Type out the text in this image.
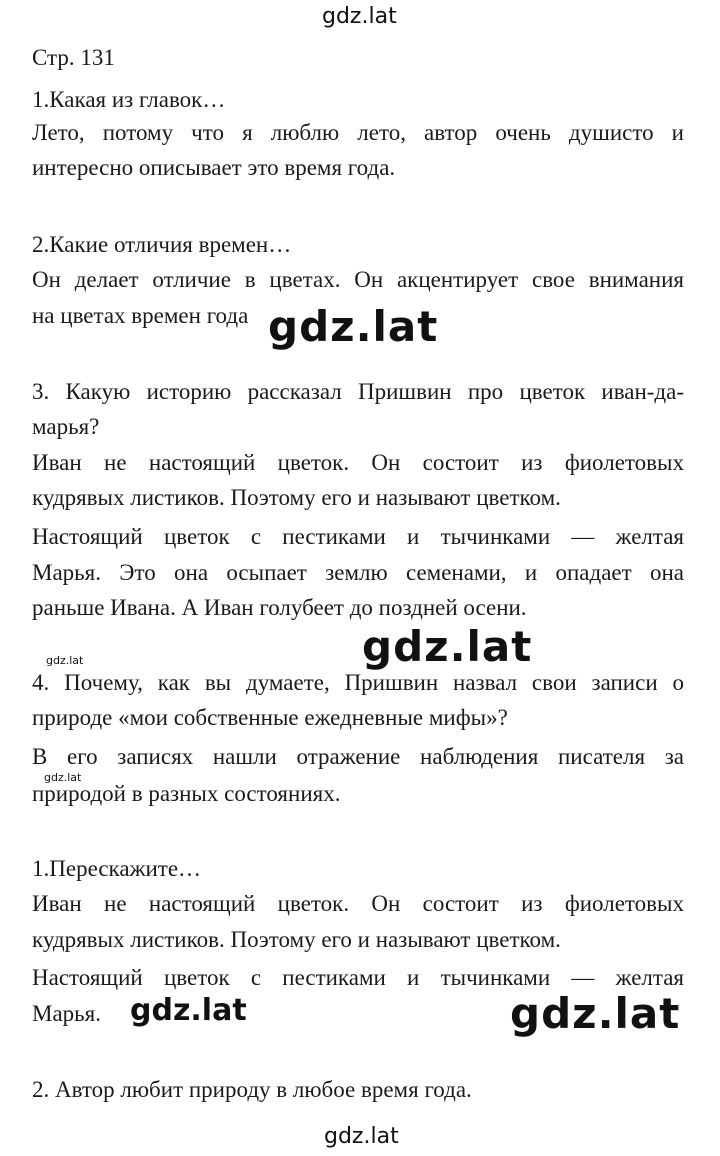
gdz.lat
Стр. 131
1.Какая из главок…
Лето, потому что я люблю лето, автор очень душисто и
интересно описывает это время года.
2.Какие отличия времен…
Он делает отличие в цветах. Он акцентирует свое внимания
на цветах времен года gdz.lat
3. Какую историю рассказал Пришвин про цветок иван-да-
марья?
Иван не настоящий цветок. Он состоит из фиолетовых
кудрявых листиков. Поэтому его и называют цветком.
Настоящий цветок с пестиками и тычинками — желтая
Марья. Это она осыпает землю семенами, и опадает она
раньше Ивана. А Иван голубеет до поздней осени.
gdz.lat
gdz.lat
4. Почему, как вы думаете, Пришвин назвал свои записи о
природе «мои собственные ежедневные мифы»?
В его записях нашли отражение наблюдения писателя за
gdz.lat
природой в разных состояниях.
1.Перескажите…
Иван не настоящий цветок. Он состоит из фиолетовых
кудрявых листиков. Поэтому его и называют цветком.
Настоящий цветок с пестиками и тычинками — желтая
Марья. gdz.lat	gdz.lat
2. Автор любит природу в любое время года.
gdz.lat
